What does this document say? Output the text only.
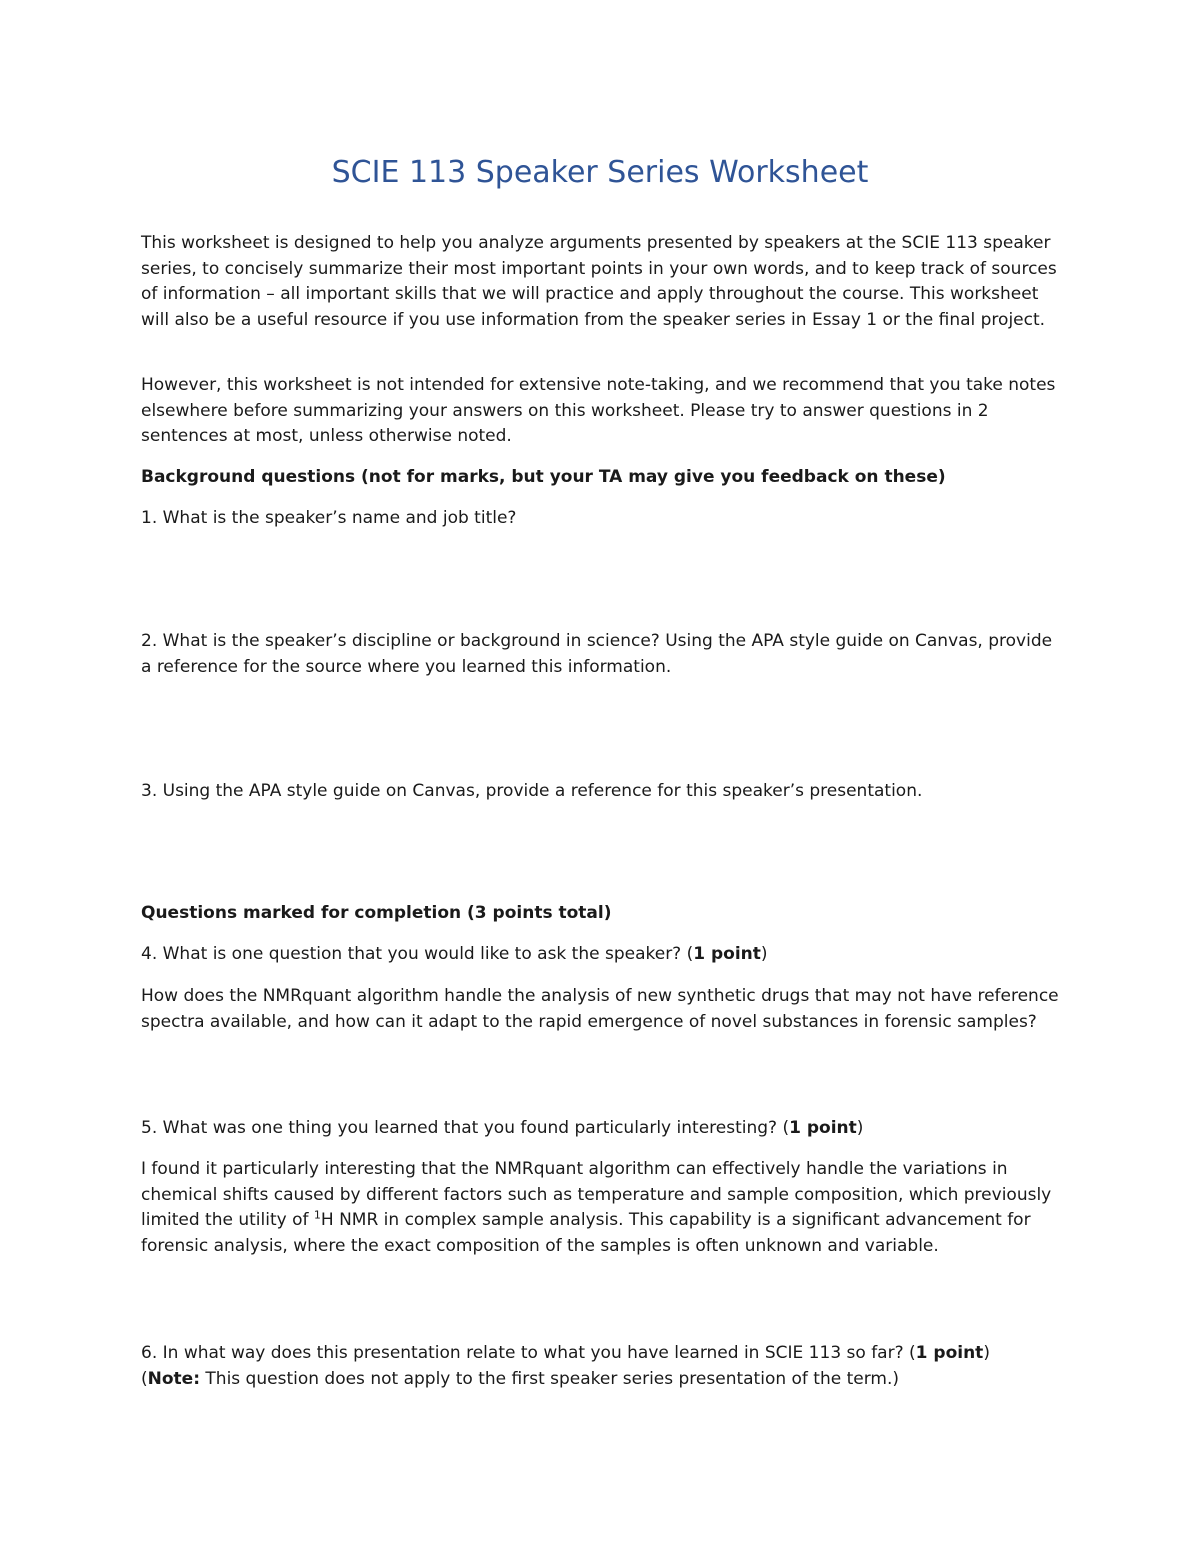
SCIE 113 Speaker Series Worksheet

This worksheet is designed to help you analyze arguments presented by speakers at the SCIE 113 speaker series, to concisely summarize their most important points in your own words, and to keep track of sources of information – all important skills that we will practice and apply throughout the course. This worksheet will also be a useful resource if you use information from the speaker series in Essay 1 or the final project.

However, this worksheet is not intended for extensive note-taking, and we recommend that you take notes elsewhere before summarizing your answers on this worksheet. Please try to answer questions in 2 sentences at most, unless otherwise noted.

Background questions (not for marks, but your TA may give you feedback on these)

1. What is the speaker’s name and job title?

2. What is the speaker’s discipline or background in science? Using the APA style guide on Canvas, provide a reference for the source where you learned this information.

3. Using the APA style guide on Canvas, provide a reference for this speaker’s presentation.

Questions marked for completion (3 points total)

4. What is one question that you would like to ask the speaker? (1 point)

How does the NMRquant algorithm handle the analysis of new synthetic drugs that may not have reference spectra available, and how can it adapt to the rapid emergence of novel substances in forensic samples?

5. What was one thing you learned that you found particularly interesting? (1 point)

I found it particularly interesting that the NMRquant algorithm can effectively handle the variations in chemical shifts caused by different factors such as temperature and sample composition, which previously limited the utility of $^1$H NMR in complex sample analysis. This capability is a significant advancement for forensic analysis, where the exact composition of the samples is often unknown and variable.

6. In what way does this presentation relate to what you have learned in SCIE 113 so far? (1 point)
(Note: This question does not apply to the first speaker series presentation of the term.)
